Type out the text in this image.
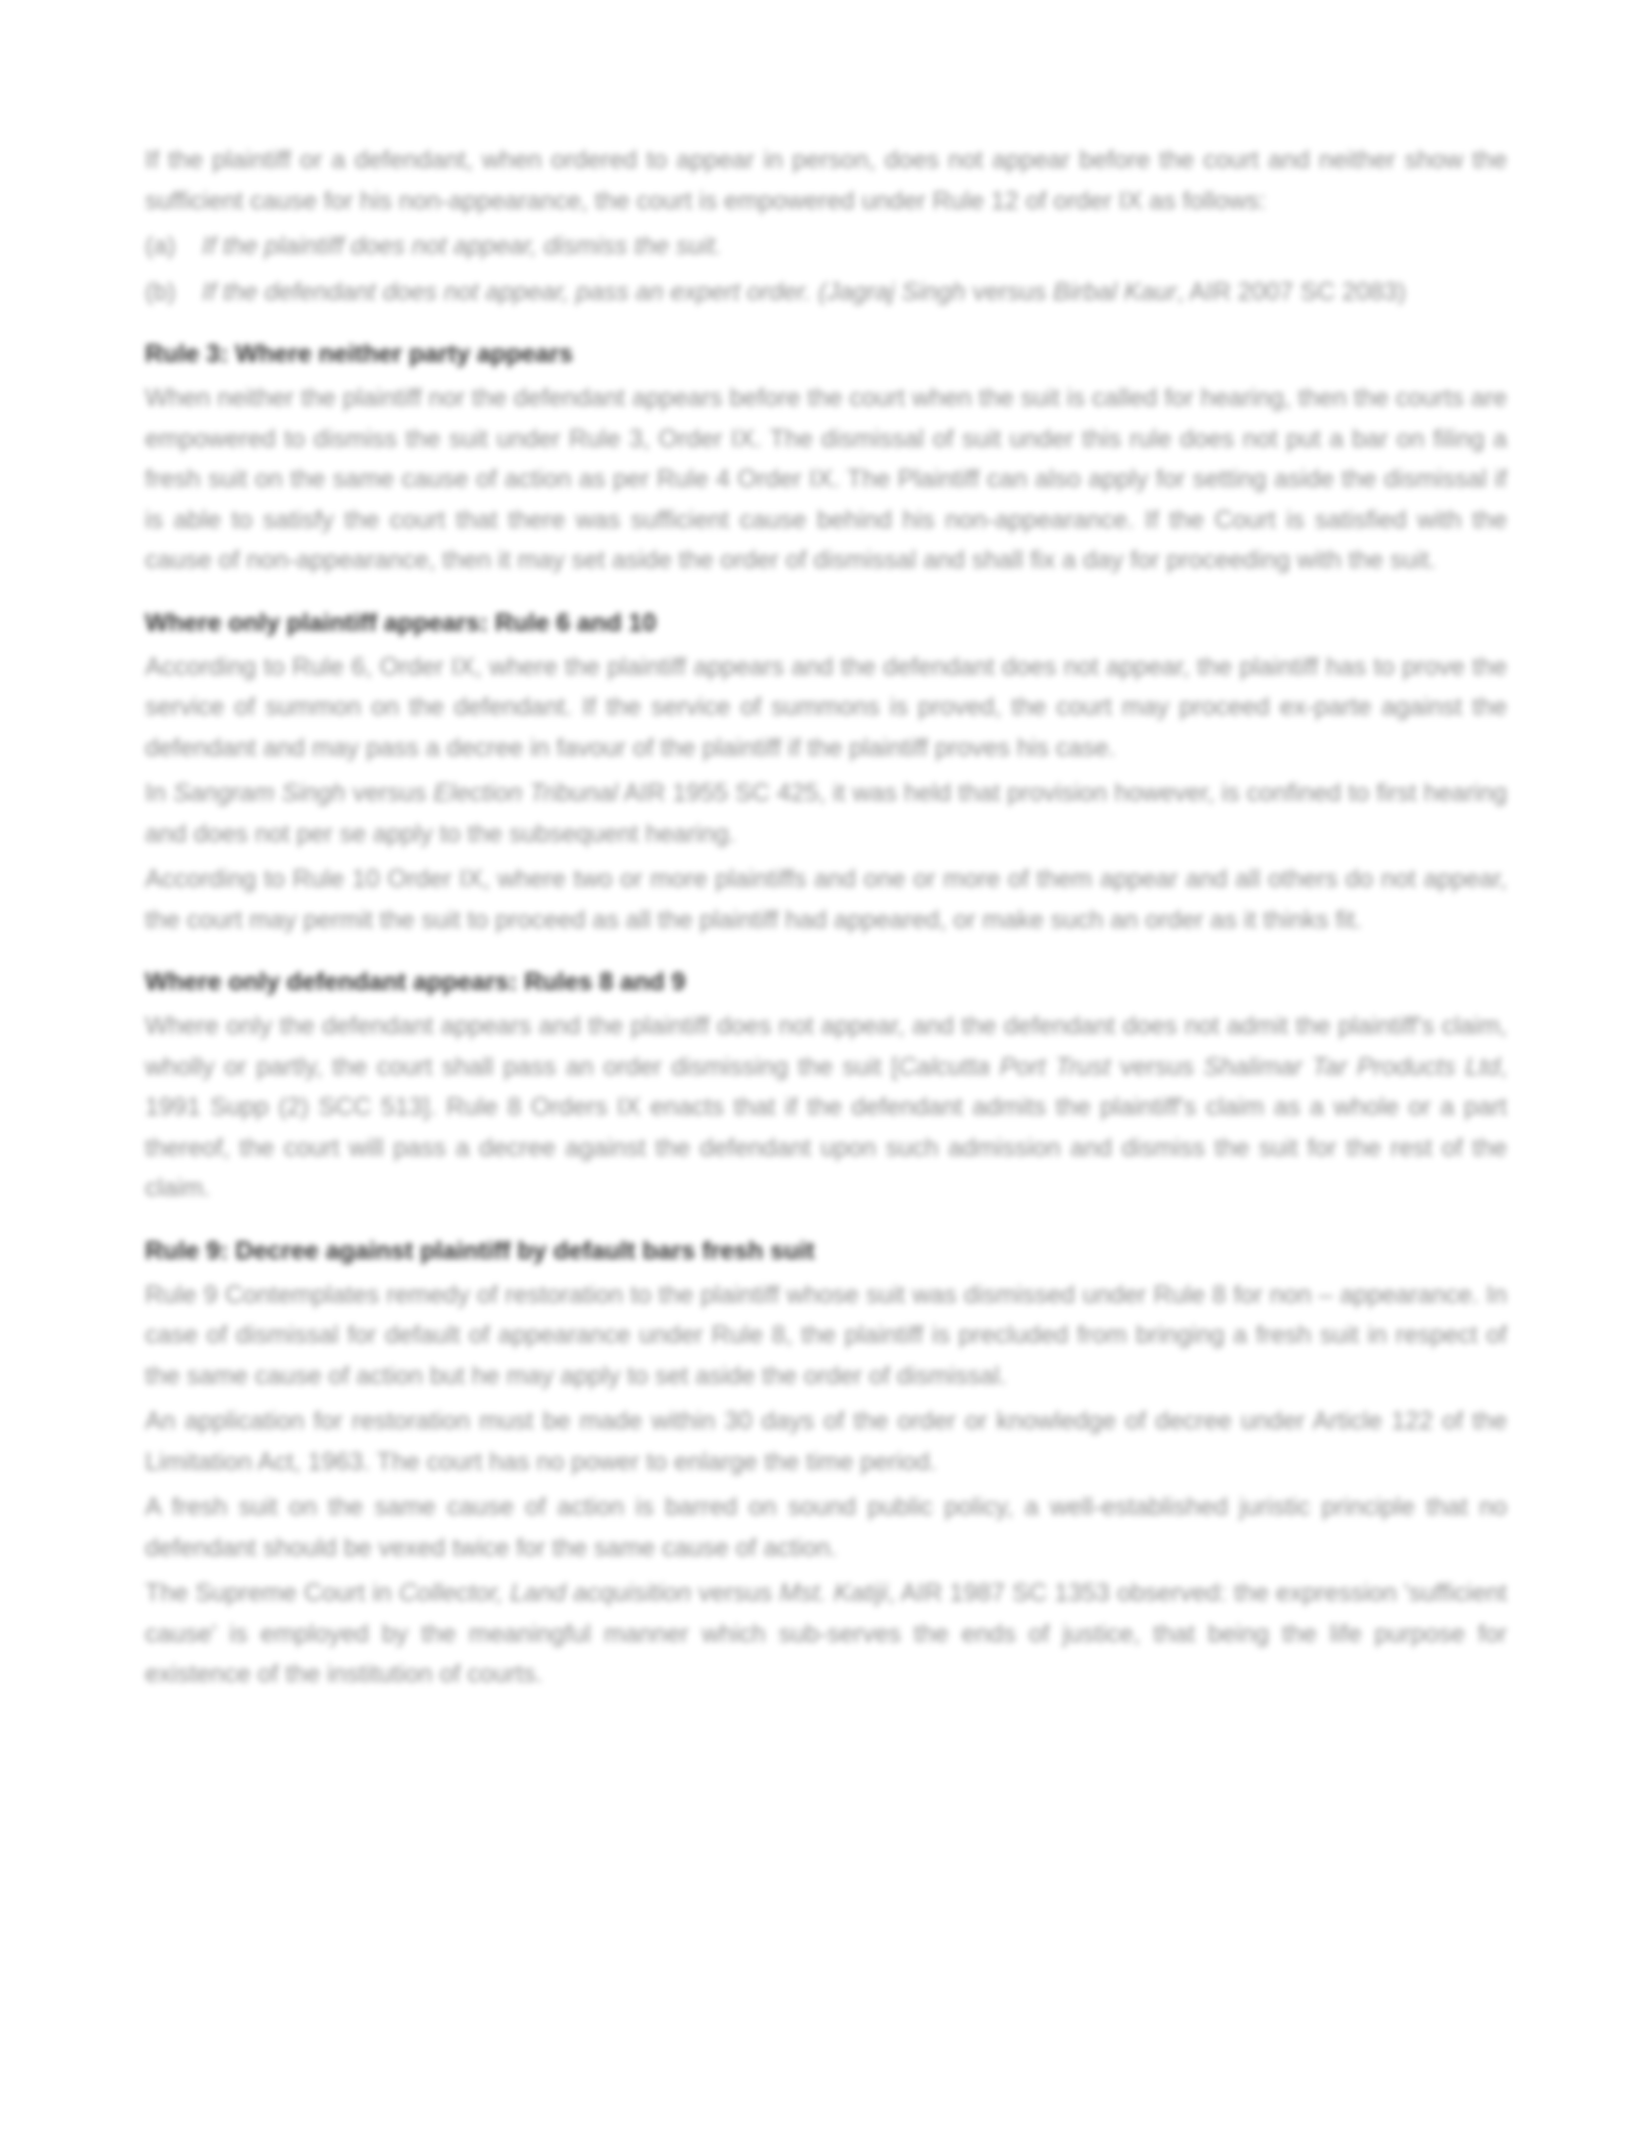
If the plaintiff or a defendant, when ordered to appear in person, does not appear before the court and neither show the sufficient cause for his non-appearance, the court is empowered under Rule 12 of order IX as follows:

(a)	If the plaintiff does not appear, dismiss the suit.
(b)	If the defendant does not appear, pass an expert order. (Jagraj Singh versus Birbal Kaur, AIR 2007 SC 2083)
Rule 3: Where neither party appears

When neither the plaintiff nor the defendant appears before the court when the suit is called for hearing, then the courts are empowered to dismiss the suit under Rule 3, Order IX. The dismissal of suit under this rule does not put a bar on filing a fresh suit on the same cause of action as per Rule 4 Order IX. The Plaintiff can also apply for setting aside the dismissal if is able to satisfy the court that there was sufficient cause behind his non-appearance. If the Court is satisfied with the cause of non-appearance, then it may set aside the order of dismissal and shall fix a day for proceeding with the suit.

Where only plaintiff appears: Rule 6 and 10

According to Rule 6, Order IX, where the plaintiff appears and the defendant does not appear, the plaintiff has to prove the service of summon on the defendant. If the service of summons is proved, the court may proceed ex-parte against the defendant and may pass a decree in favour of the plaintiff if the plaintiff proves his case.

In Sangram Singh versus Election Tribunal AIR 1955 SC 425, it was held that provision however, is confined to first hearing and does not per se apply to the subsequent hearing.

According to Rule 10 Order IX, where two or more plaintiffs and one or more of them appear and all others do not appear, the court may permit the suit to proceed as all the plaintiff had appeared, or make such an order as it thinks fit.

Where only defendant appears: Rules 8 and 9

Where only the defendant appears and the plaintiff does not appear, and the defendant does not admit the plaintiff's claim, wholly or partly, the court shall pass an order dismissing the suit [Calcutta Port Trust versus Shalimar Tar Products Ltd, 1991 Supp (2) SCC 513]. Rule 8 Orders IX enacts that if the defendant admits the plaintiff's claim as a whole or a part thereof, the court will pass a decree against the defendant upon such admission and dismiss the suit for the rest of the claim.

Rule 9: Decree against plaintiff by default bars fresh suit

Rule 9 Contemplates remedy of restoration to the plaintiff whose suit was dismissed under Rule 8 for non – appearance. In case of dismissal for default of appearance under Rule 8, the plaintiff is precluded from bringing a fresh suit in respect of the same cause of action but he may apply to set aside the order of dismissal.

An application for restoration must be made within 30 days of the order or knowledge of decree under Article 122 of the Limitation Act, 1963. The court has no power to enlarge the time period.

A fresh suit on the same cause of action is barred on sound public policy, a well-established juristic principle that no defendant should be vexed twice for the same cause of action.

The Supreme Court in Collector, Land acquisition versus Mst. Katiji, AIR 1987 SC 1353 observed: the expression 'sufficient cause' is employed by the meaningful manner which sub-serves the ends of justice, that being the life purpose for existence of the institution of courts.
